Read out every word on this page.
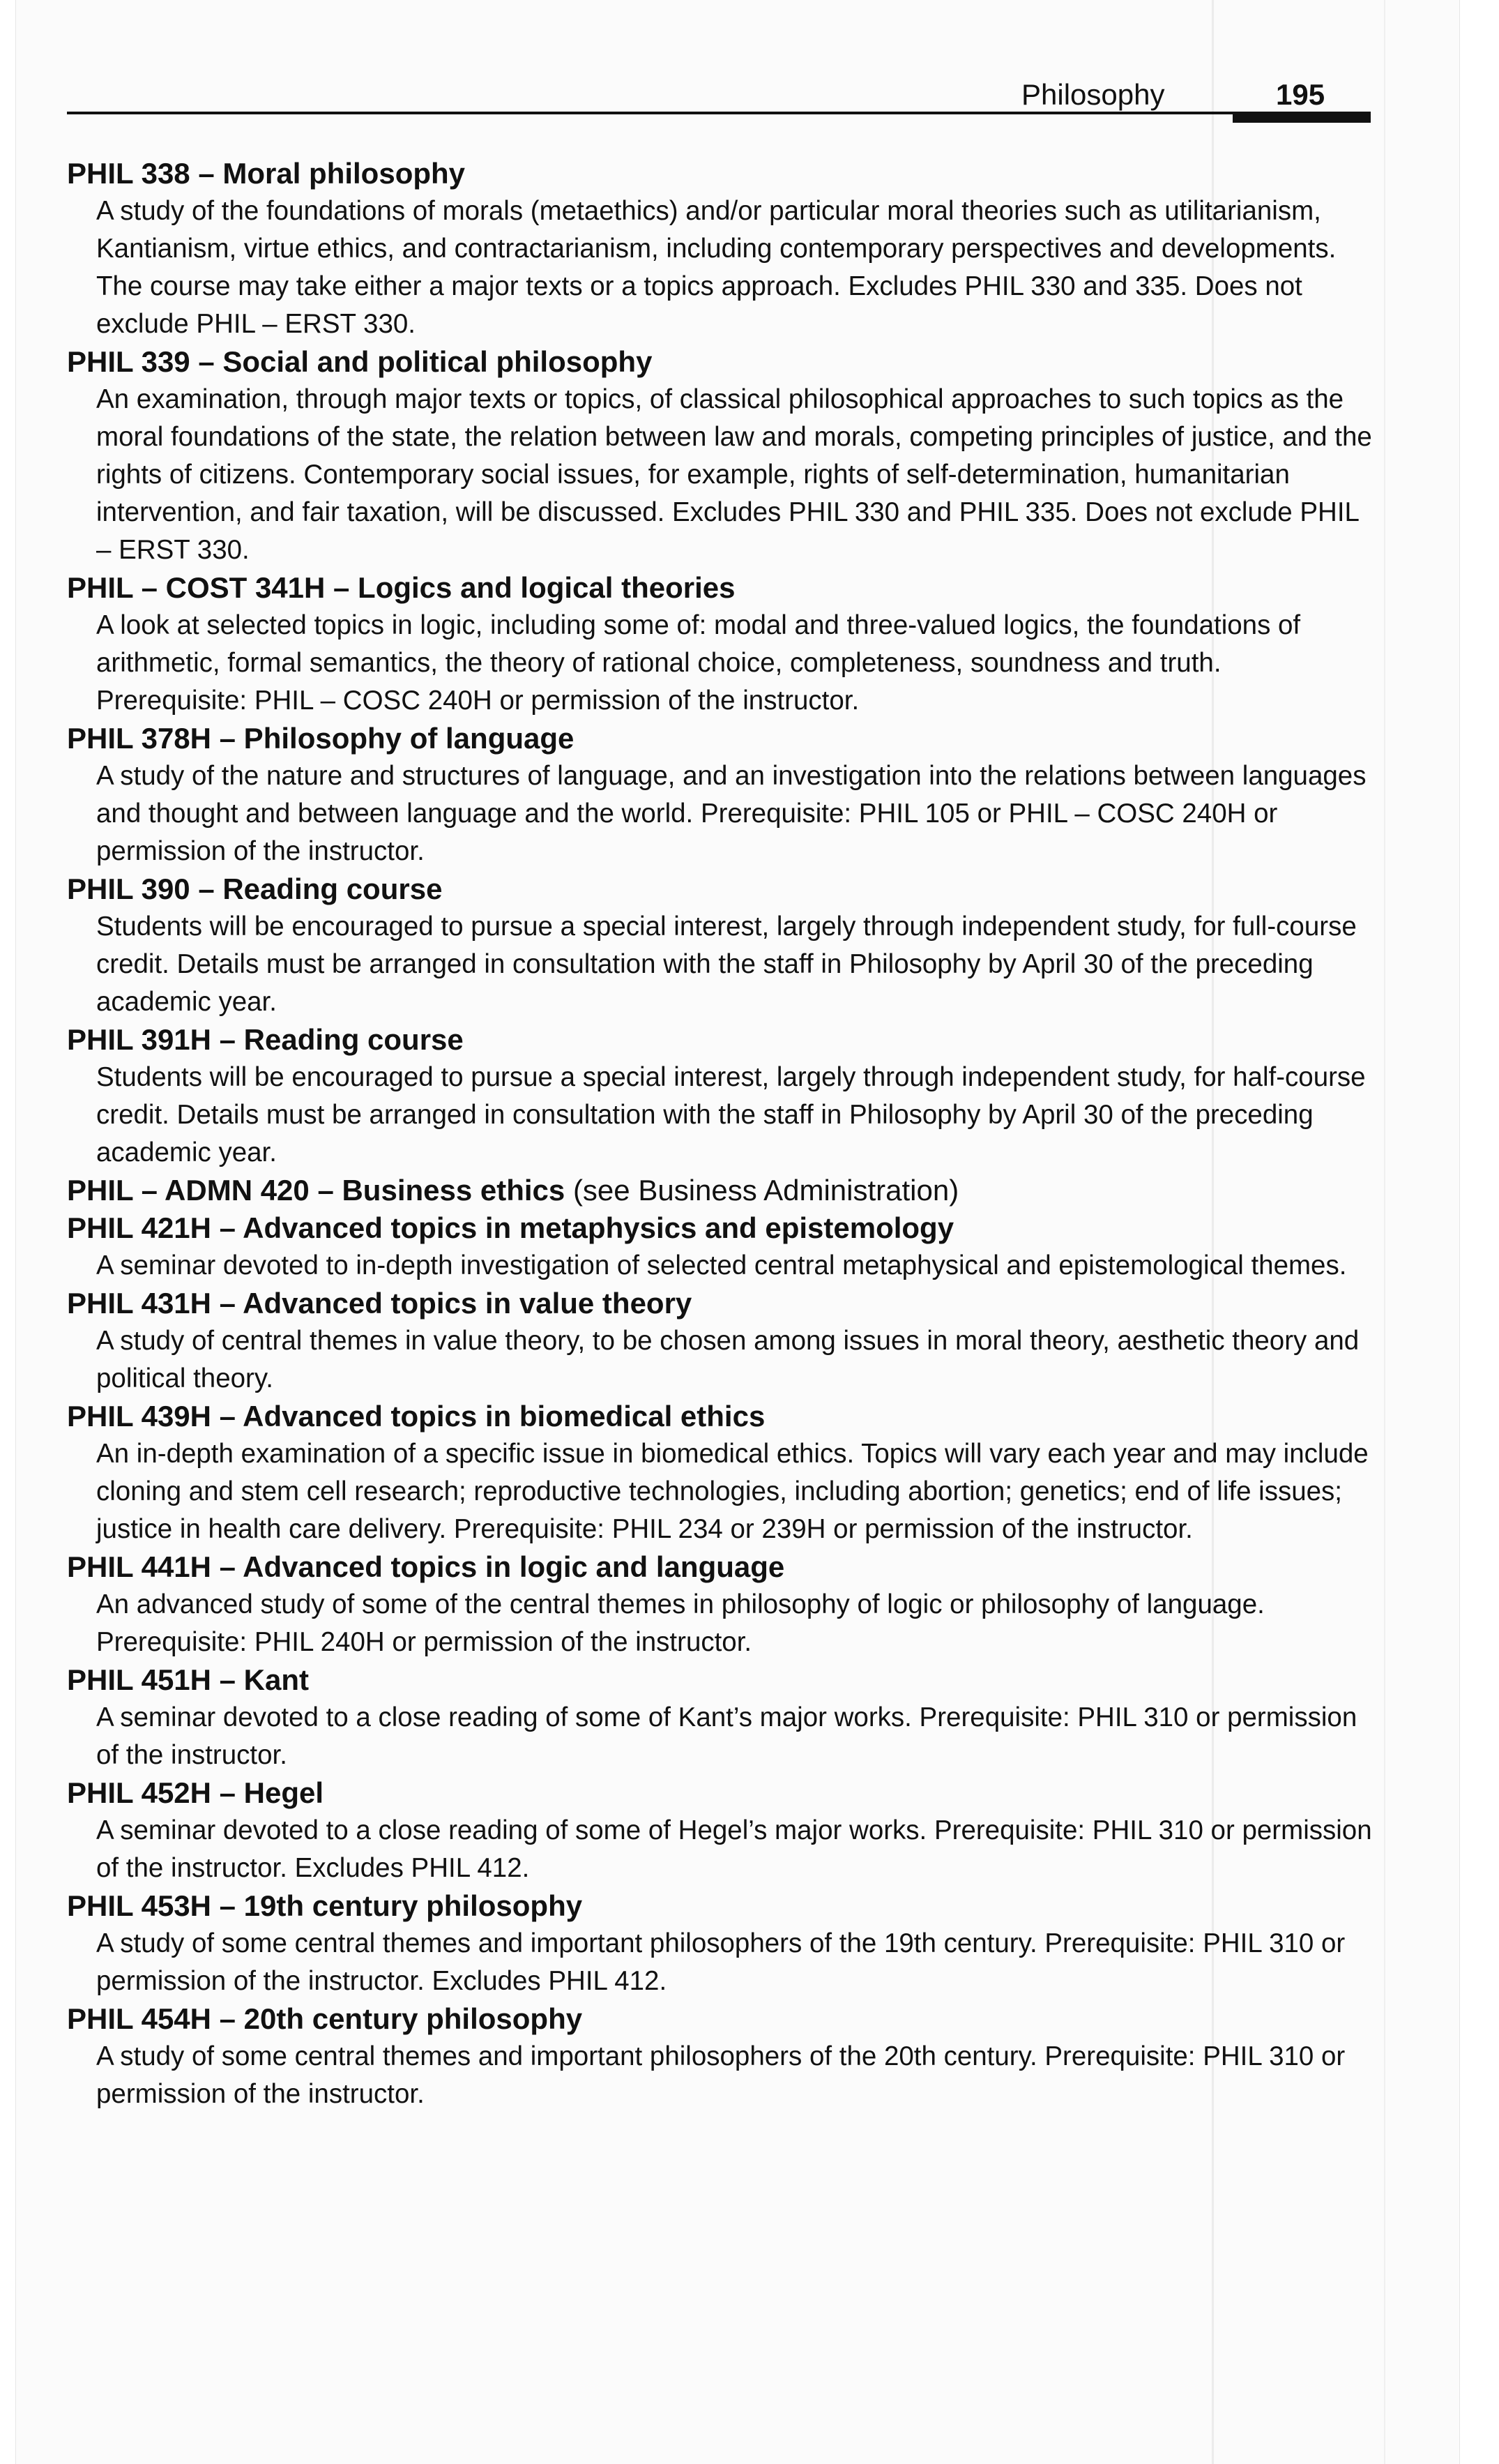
Philosophy	195

PHIL 338 – Moral philosophy

A study of the foundations of morals (metaethics) and/or particular moral theories such as utilitarianism, Kantianism, virtue ethics, and contractarianism, including contemporary perspectives and developments. The course may take either a major texts or a topics approach. Excludes PHIL 330 and 335. Does not exclude PHIL – ERST 330.

PHIL 339 – Social and political philosophy

An examination, through major texts or topics, of classical philosophical approaches to such topics as the moral foundations of the state, the relation between law and morals, competing principles of justice, and the rights of citizens. Contemporary social issues, for example, rights of self-determination, humanitarian intervention, and fair taxation, will be discussed. Excludes PHIL 330 and PHIL 335. Does not exclude PHIL – ERST 330.

PHIL – COST 341H – Logics and logical theories

A look at selected topics in logic, including some of: modal and three-valued logics, the foundations of arithmetic, formal semantics, the theory of rational choice, completeness, soundness and truth. Prerequisite: PHIL – COSC 240H or permission of the instructor.

PHIL 378H – Philosophy of language

A study of the nature and structures of language, and an investigation into the relations between languages and thought and between language and the world. Prerequisite: PHIL 105 or PHIL – COSC 240H or permission of the instructor.

PHIL 390 – Reading course

Students will be encouraged to pursue a special interest, largely through independent study, for full-course credit. Details must be arranged in consultation with the staff in Philosophy by April 30 of the preceding academic year.

PHIL 391H – Reading course

Students will be encouraged to pursue a special interest, largely through independent study, for half-course credit. Details must be arranged in consultation with the staff in Philosophy by April 30 of the preceding academic year.

PHIL – ADMN 420 – Business ethics (see Business Administration)

PHIL 421H – Advanced topics in metaphysics and epistemology

A seminar devoted to in-depth investigation of selected central metaphysical and epistemological themes.

PHIL 431H – Advanced topics in value theory

A study of central themes in value theory, to be chosen among issues in moral theory, aesthetic theory and political theory.

PHIL 439H – Advanced topics in biomedical ethics

An in-depth examination of a specific issue in biomedical ethics. Topics will vary each year and may include cloning and stem cell research; reproductive technologies, including abortion; genetics; end of life issues; justice in health care delivery. Prerequisite: PHIL 234 or 239H or permission of the instructor.

PHIL 441H – Advanced topics in logic and language

An advanced study of some of the central themes in philosophy of logic or philosophy of language. Prerequisite: PHIL 240H or permission of the instructor.

PHIL 451H – Kant

A seminar devoted to a close reading of some of Kant’s major works. Prerequisite: PHIL 310 or permission of the instructor.

PHIL 452H – Hegel

A seminar devoted to a close reading of some of Hegel’s major works. Prerequisite: PHIL 310 or permission of the instructor. Excludes PHIL 412.

PHIL 453H – 19th century philosophy

A study of some central themes and important philosophers of the 19th century. Prerequisite: PHIL 310 or permission of the instructor. Excludes PHIL 412.

PHIL 454H – 20th century philosophy

A study of some central themes and important philosophers of the 20th century. Prerequisite: PHIL 310 or permission of the instructor.
